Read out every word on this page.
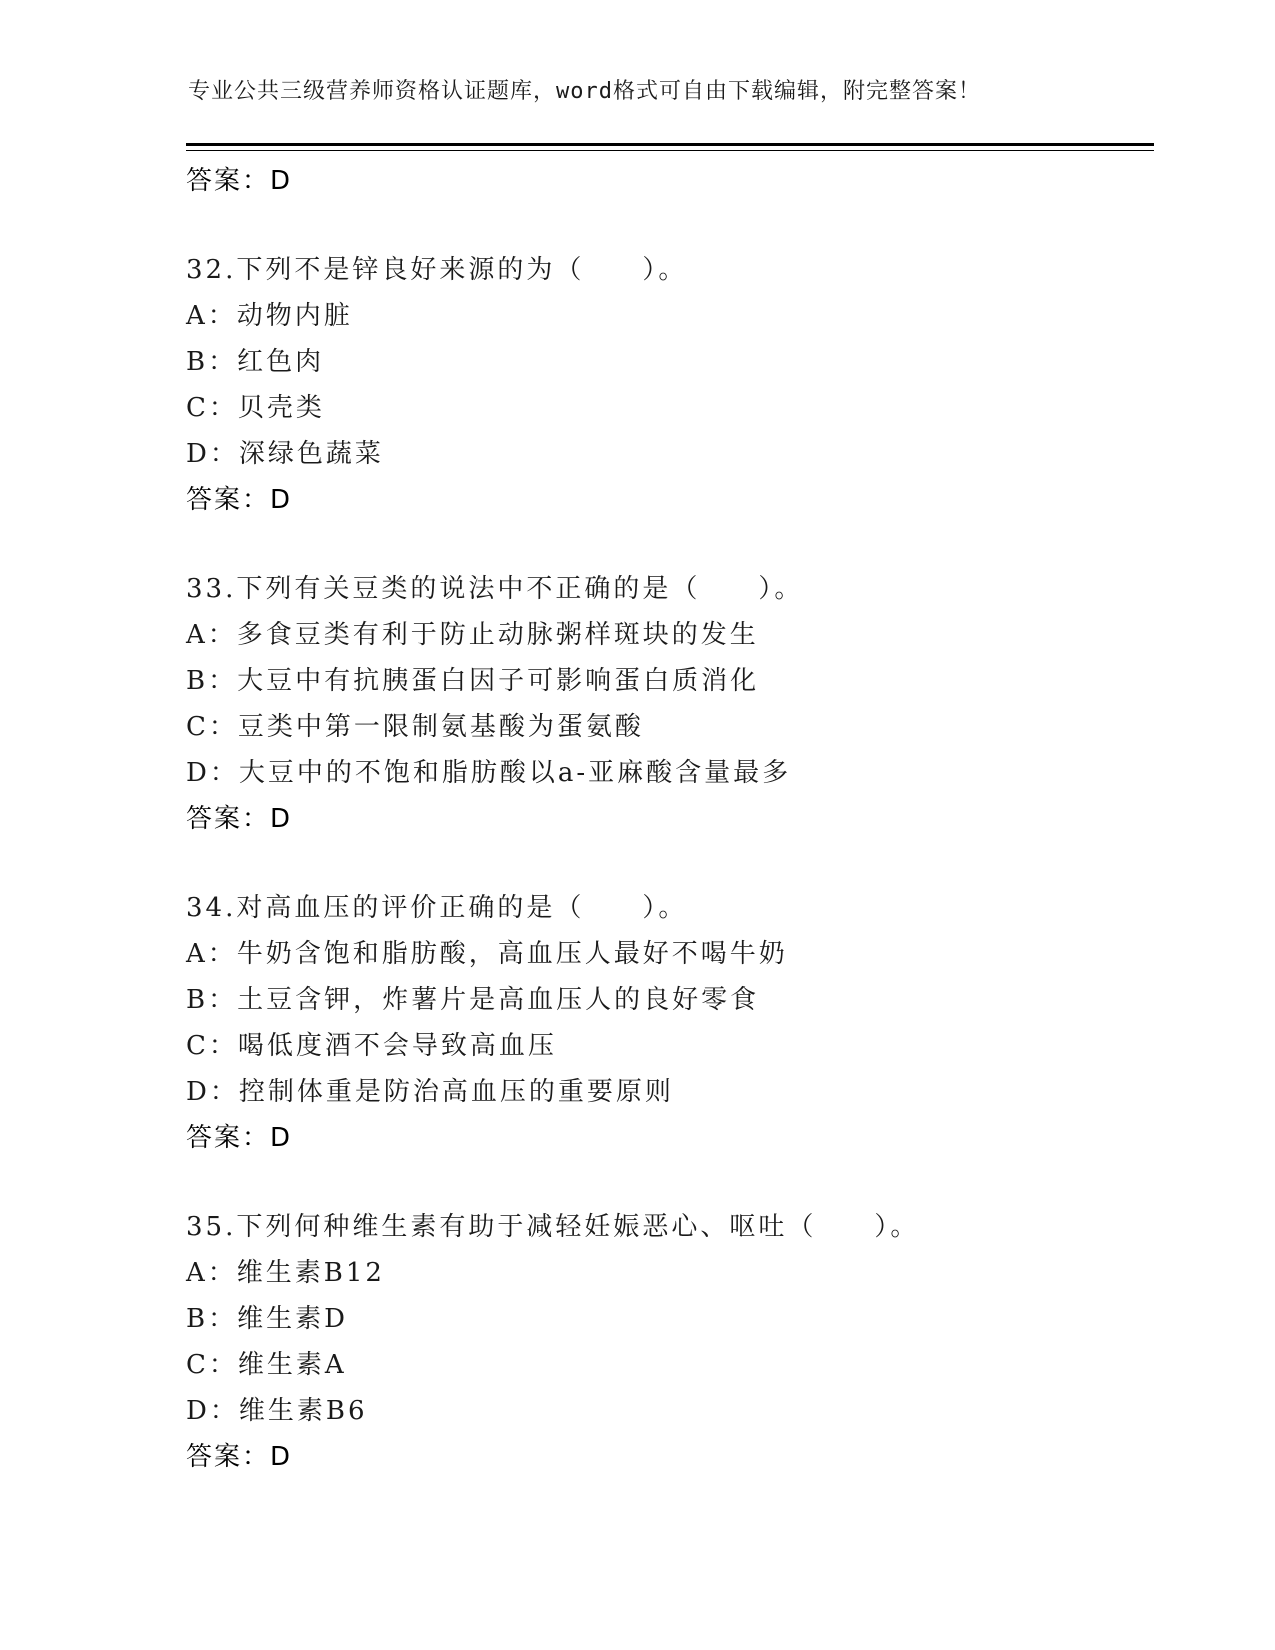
专业公共三级营养师资格认证题库，word格式可自由下载编辑，附完整答案！
答案：D
32.下列不是锌良好来源的为（　　）。
A：动物内脏
B：红色肉
C：贝壳类
D：深绿色蔬菜
答案：D
33.下列有关豆类的说法中不正确的是（　　）。
A：多食豆类有利于防止动脉粥样斑块的发生
B：大豆中有抗胰蛋白因子可影响蛋白质消化
C：豆类中第一限制氨基酸为蛋氨酸
D：大豆中的不饱和脂肪酸以a-亚麻酸含量最多
答案：D
34.对高血压的评价正确的是（　　）。
A：牛奶含饱和脂肪酸，高血压人最好不喝牛奶
B：土豆含钾，炸薯片是高血压人的良好零食
C：喝低度酒不会导致高血压
D：控制体重是防治高血压的重要原则
答案：D
35.下列何种维生素有助于减轻妊娠恶心、呕吐（　　）。
A：维生素B12
B：维生素D
C：维生素A
D：维生素B6
答案：D
